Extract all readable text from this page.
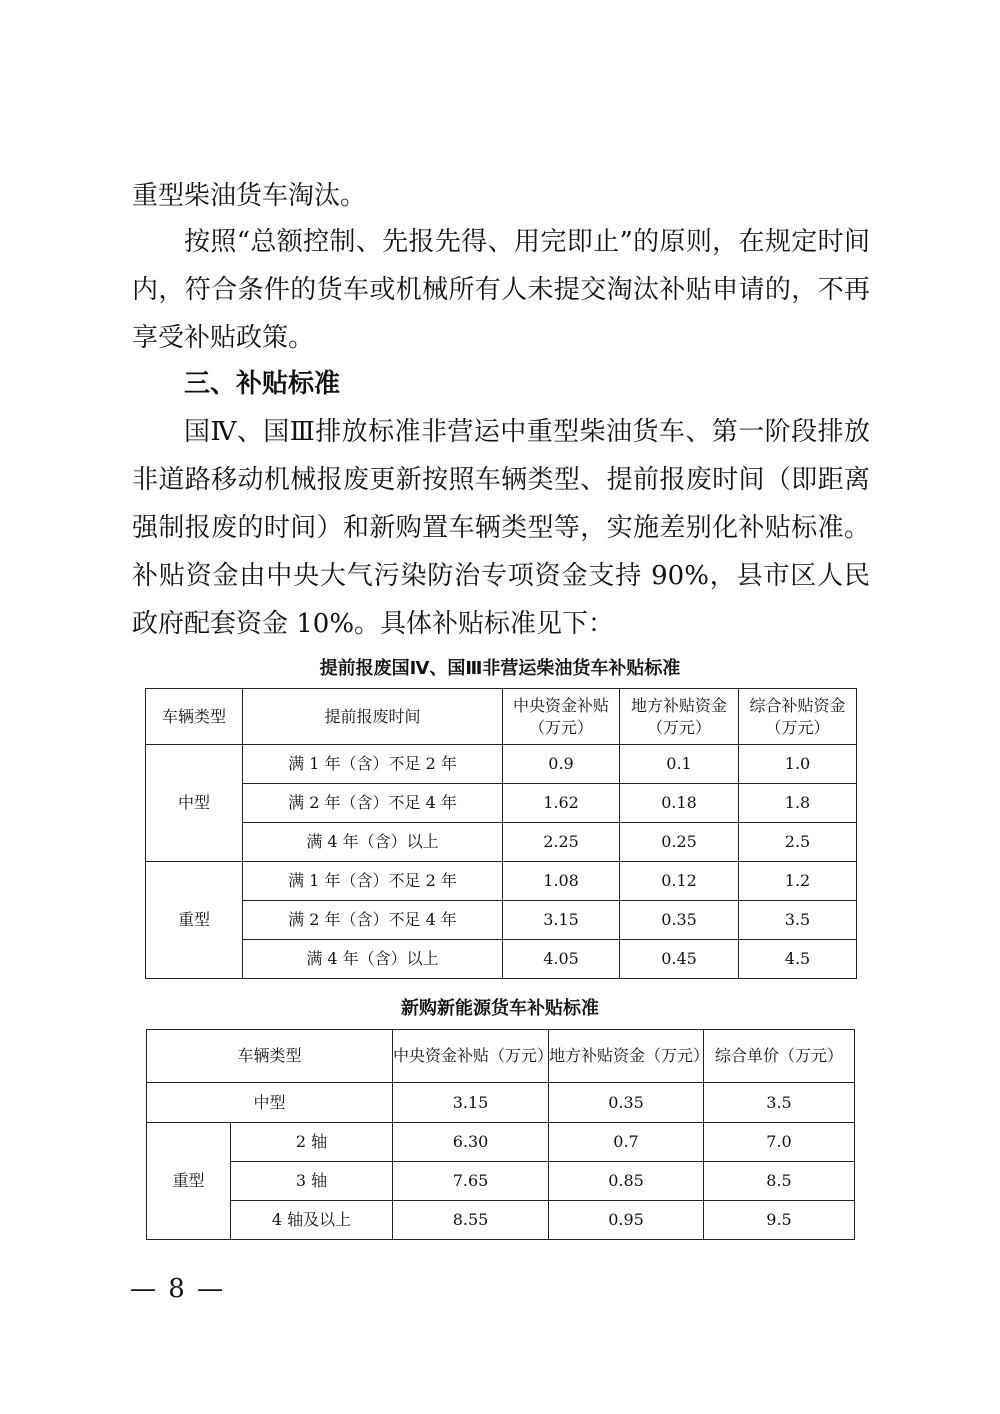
重型柴油货车淘汰。

按照“总额控制、先报先得、用完即止”的原则，在规定时间内，符合条件的货车或机械所有人未提交淘汰补贴申请的，不再享受补贴政策。

三、补贴标准

国Ⅳ、国Ⅲ排放标准非营运中重型柴油货车、第一阶段排放非道路移动机械报废更新按照车辆类型、提前报废时间（即距离强制报废的时间）和新购置车辆类型等，实施差别化补贴标准。补贴资金由中央大气污染防治专项资金支持 90%，县市区人民政府配套资金 10%。具体补贴标准见下：

提前报废国Ⅳ、国Ⅲ非营运柴油货车补贴标准

车辆类型	提前报废时间	中央资金补贴（万元）	地方补贴资金（万元）	综合补贴资金（万元）
中型	满 1 年（含）不足 2 年	0.9	0.1	1.0
	满 2 年（含）不足 4 年	1.62	0.18	1.8
	满 4 年（含）以上	2.25	0.25	2.5
重型	满 1 年（含）不足 2 年	1.08	0.12	1.2
	满 2 年（含）不足 4 年	3.15	0.35	3.5
	满 4 年（含）以上	4.05	0.45	4.5

新购新能源货车补贴标准

车辆类型		中央资金补贴（万元）	地方补贴资金（万元）	综合单价（万元）
中型		3.15	0.35	3.5
重型	2 轴	6.30	0.7	7.0
	3 轴	7.65	0.85	8.5
	4 轴及以上	8.55	0.95	9.5
— 8 —
